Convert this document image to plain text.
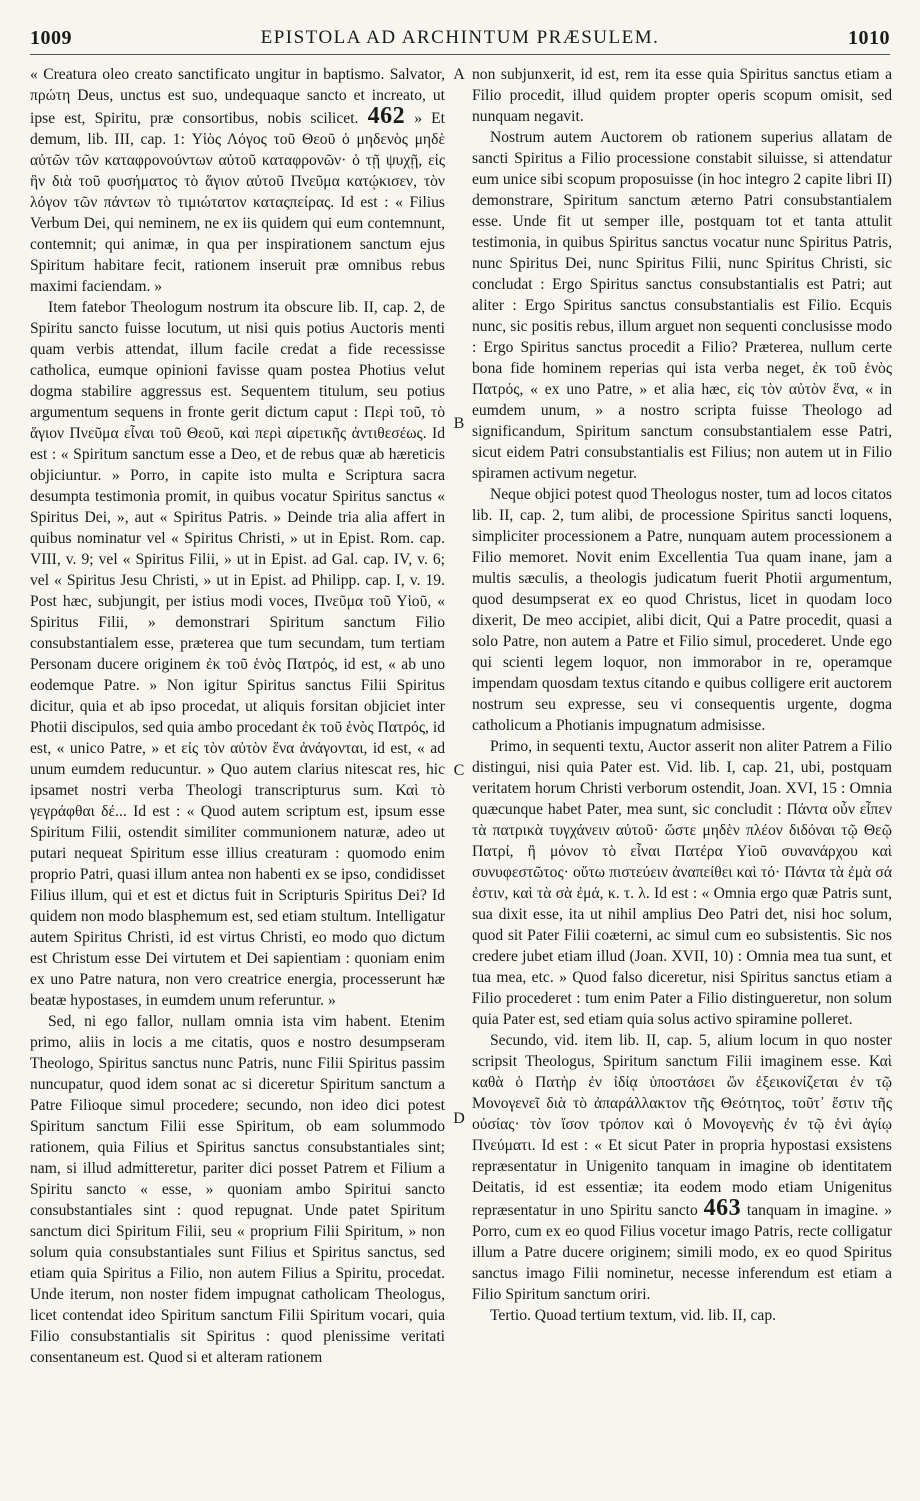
1009	EPISTOLA AD ARCHINTUM PRÆSULEM.	1010
A
B
C
D

« Creatura oleo creato sanctificato ungitur in baptismo. Salvator, πρώτη Deus, unctus est suo, undequaque sancto et increato, ut ipse est, Spiritu, præ consortibus, nobis scilicet. 462 » Et demum, lib. III, cap. 1: Υἱὸς Λόγος τοῦ Θεοῦ ὁ μηδενὸς μηδὲ αὐτῶν τῶν καταφρονούντων αὐτοῦ καταφρονῶν· ὁ τῇ ψυχῇ, εἰς ἣν διὰ τοῦ φυσήματος τὸ ἅγιον αὐτοῦ Πνεῦμα κατῴκισεν, τὸν λόγον τῶν πάντων τὸ τιμιώτατον καταςπείρας. Id est : « Filius Verbum Dei, qui neminem, ne ex iis quidem qui eum contemnunt, contemnit; qui animæ, in qua per inspirationem sanctum ejus Spiritum habitare fecit, rationem inseruit præ omnibus rebus maximi faciendam. »

Item fatebor Theologum nostrum ita obscure lib. II, cap. 2, de Spiritu sancto fuisse locutum, ut nisi quis potius Auctoris menti quam verbis attendat, illum facile credat a fide recessisse catholica, eumque opinioni favisse quam postea Photius velut dogma stabilire aggressus est. Sequentem titulum, seu potius argumentum sequens in fronte gerit dictum caput : Περὶ τοῦ, τὸ ἅγιον Πνεῦμα εἶναι τοῦ Θεοῦ, καὶ περὶ αἱρετικῆς ἀντιθεσέως. Id est : « Spiritum sanctum esse a Deo, et de rebus quæ ab hæreticis objiciuntur. » Porro, in capite isto multa e Scriptura sacra desumpta testimonia promit, in quibus vocatur Spiritus sanctus « Spiritus Dei, », aut « Spiritus Patris. » Deinde tria alia affert in quibus nominatur vel « Spiritus Christi, » ut in Epist. Rom. cap. VIII, v. 9; vel « Spiritus Filii, » ut in Epist. ad Gal. cap. IV, v. 6; vel « Spiritus Jesu Christi, » ut in Epist. ad Philipp. cap. I, v. 19. Post hæc, subjungit, per istius modi voces, Πνεῦμα τοῦ Υἱοῦ, « Spiritus Filii, » demonstrari Spiritum sanctum Filio consubstantialem esse, præterea que tum secundam, tum tertiam Personam ducere originem ἐκ τοῦ ἑνὸς Πατρός, id est, « ab uno eodemque Patre. » Non igitur Spiritus sanctus Filii Spiritus dicitur, quia et ab ipso procedat, ut aliquis forsitan objiciet inter Photii discipulos, sed quia ambo procedant ἐκ τοῦ ἑνὸς Πατρός, id est, « unico Patre, » et εἰς τὸν αὐτὸν ἕνα ἀνάγονται, id est, « ad unum eumdem reducuntur. » Quo autem clarius nitescat res, hic ipsamet nostri verba Theologi transcripturus sum. Καὶ τὸ γεγράφθαι δέ... Id est : « Quod autem scriptum est, ipsum esse Spiritum Filii, ostendit similiter communionem naturæ, adeo ut putari nequeat Spiritum esse illius creaturam : quomodo enim proprio Patri, quasi illum antea non habenti ex se ipso, condidisset Filius illum, qui et est et dictus fuit in Scripturis Spiritus Dei? Id quidem non modo blasphemum est, sed etiam stultum. Intelligatur autem Spiritus Christi, id est virtus Christi, eo modo quo dictum est Christum esse Dei virtutem et Dei sapientiam : quoniam enim ex uno Patre natura, non vero creatrice energia, processerunt hæ beatæ hypostases, in eumdem unum referuntur. »

Sed, ni ego fallor, nullam omnia ista vim habent. Etenim primo, aliis in locis a me citatis, quos e nostro desumpseram Theologo, Spiritus sanctus nunc Patris, nunc Filii Spiritus passim nuncupatur, quod idem sonat ac si diceretur Spiritum sanctum a Patre Filioque simul procedere; secundo, non ideo dici potest Spiritum sanctum Filii esse Spiritum, ob eam solummodo rationem, quia Filius et Spiritus sanctus consubstantiales sint; nam, si illud admitteretur, pariter dici posset Patrem et Filium a Spiritu sancto « esse, » quoniam ambo Spiritui sancto consubstantiales sint : quod repugnat. Unde patet Spiritum sanctum dici Spiritum Filii, seu « proprium Filii Spiritum, » non solum quia consubstantiales sunt Filius et Spiritus sanctus, sed etiam quia Spiritus a Filio, non autem Filius a Spiritu, procedat. Unde iterum, non noster fidem impugnat catholicam Theologus, licet contendat ideo Spiritum sanctum Filii Spiritum vocari, quia Filio consubstantialis sit Spiritus : quod plenissime veritati consentaneum est. Quod si et alteram rationem

non subjunxerit, id est, rem ita esse quia Spiritus sanctus etiam a Filio procedit, illud quidem propter operis scopum omisit, sed nunquam negavit.

Nostrum autem Auctorem ob rationem superius allatam de sancti Spiritus a Filio processione constabit siluisse, si attendatur eum unice sibi scopum proposuisse (in hoc integro 2 capite libri II) demonstrare, Spiritum sanctum æterno Patri consubstantialem esse. Unde fit ut semper ille, postquam tot et tanta attulit testimonia, in quibus Spiritus sanctus vocatur nunc Spiritus Patris, nunc Spiritus Dei, nunc Spiritus Filii, nunc Spiritus Christi, sic concludat : Ergo Spiritus sanctus consubstantialis est Patri; aut aliter : Ergo Spiritus sanctus consubstantialis est Filio. Ecquis nunc, sic positis rebus, illum arguet non sequenti conclusisse modo : Ergo Spiritus sanctus procedit a Filio? Præterea, nullum certe bona fide hominem reperias qui ista verba neget, ἐκ τοῦ ἑνὸς Πατρός, « ex uno Patre, » et alia hæc, εἰς τὸν αὐτὸν ἕνα, « in eumdem unum, » a nostro scripta fuisse Theologo ad significandum, Spiritum sanctum consubstantialem esse Patri, sicut eidem Patri consubstantialis est Filius; non autem ut in Filio spiramen activum negetur.

Neque objici potest quod Theologus noster, tum ad locos citatos lib. II, cap. 2, tum alibi, de processione Spiritus sancti loquens, simpliciter processionem a Patre, nunquam autem processionem a Filio memoret. Novit enim Excellentia Tua quam inane, jam a multis sæculis, a theologis judicatum fuerit Photii argumentum, quod desumpserat ex eo quod Christus, licet in quodam loco dixerit, De meo accipiet, alibi dicit, Qui a Patre procedit, quasi a solo Patre, non autem a Patre et Filio simul, procederet. Unde ego qui scienti legem loquor, non immorabor in re, operamque impendam quosdam textus citando e quibus colligere erit auctorem nostrum seu expresse, seu vi consequentis urgente, dogma catholicum a Photianis impugnatum admisisse.

Primo, in sequenti textu, Auctor asserit non aliter Patrem a Filio distingui, nisi quia Pater est. Vid. lib. I, cap. 21, ubi, postquam veritatem horum Christi verborum ostendit, Joan. XVI, 15 : Omnia quæcunque habet Pater, mea sunt, sic concludit : Πάντα οὖν εἶπεν τὰ πατρικὰ τυγχάνειν αὐτοῦ· ὥστε μηδὲν πλέον διδόναι τῷ Θεῷ Πατρί, ἢ μόνον τὸ εἶναι Πατέρα Υἱοῦ συνανάρχου καὶ συνυφεστῶτος· οὕτω πιστεύειν ἀναπείθει καὶ τό· Πάντα τὰ ἐμὰ σά ἐστιν, καὶ τὰ σὰ ἐμά, κ. τ. λ. Id est : « Omnia ergo quæ Patris sunt, sua dixit esse, ita ut nihil amplius Deo Patri det, nisi hoc solum, quod sit Pater Filii coæterni, ac simul cum eo subsistentis. Sic nos credere jubet etiam illud (Joan. XVII, 10) : Omnia mea tua sunt, et tua mea, etc. » Quod falso diceretur, nisi Spiritus sanctus etiam a Filio procederet : tum enim Pater a Filio distingueretur, non solum quia Pater est, sed etiam quia solus activo spiramine polleret.

Secundo, vid. item lib. II, cap. 5, alium locum in quo noster scripsit Theologus, Spiritum sanctum Filii imaginem esse. Καὶ καθὰ ὁ Πατὴρ ἐν ἰδίᾳ ὑποστάσει ὢν ἐξεικονίζεται ἐν τῷ Μονογενεῖ διὰ τὸ ἀπαράλλακτον τῆς Θεότητος, τοῦτ᾽ ἔστιν τῆς οὐσίας· τὸν ἴσον τρόπον καὶ ὁ Μονογενὴς ἐν τῷ ἑνὶ ἁγίῳ Πνεύματι. Id est : « Et sicut Pater in propria hypostasi exsistens repræsentatur in Unigenito tanquam in imagine ob identitatem Deitatis, id est essentiæ; ita eodem modo etiam Unigenitus repræsentatur in uno Spiritu sancto 463 tanquam in imagine. » Porro, cum ex eo quod Filius vocetur imago Patris, recte colligatur illum a Patre ducere originem; simili modo, ex eo quod Spiritus sanctus imago Filii nominetur, necesse inferendum est etiam a Filio Spiritum sanctum oriri.

Tertio. Quoad tertium textum, vid. lib. II, cap.
